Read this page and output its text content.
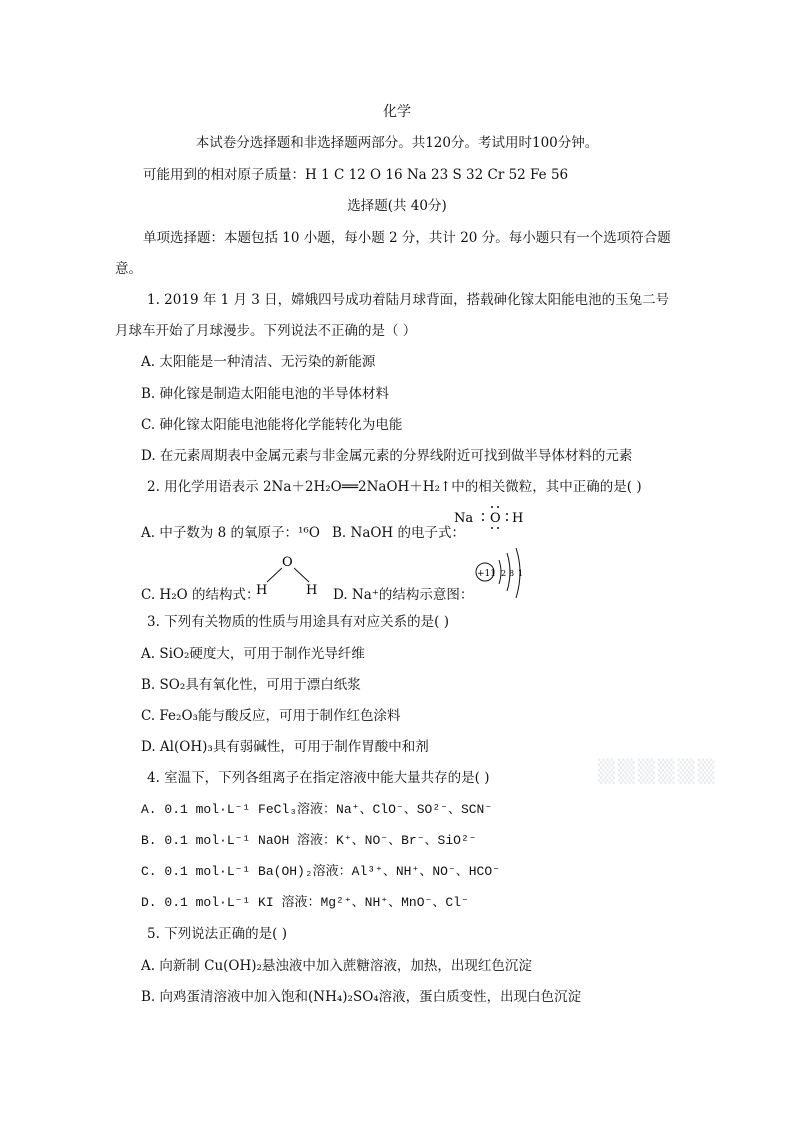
化学
本试卷分选择题和非选择题两部分。共120分。考试用时100分钟。
可能用到的相对原子质量：H 1 C 12 O 16 Na 23 S 32 Cr 52 Fe 56
选择题(共 40分)
单项选择题：本题包括 10 小题，每小题 2 分，共计 20 分。每小题只有一个选项符合题
意。
1. 2019 年 1 月 3 日，嫦娥四号成功着陆月球背面，搭载砷化镓太阳能电池的玉兔二号
月球车开始了月球漫步。下列说法不正确的是（ ）
A. 太阳能是一种清洁、无污染的新能源
B. 砷化镓是制造太阳能电池的半导体材料
C. 砷化镓太阳能电池能将化学能转化为电能
D. 在元素周期表中金属元素与非金属元素的分界线附近可找到做半导体材料的元素
2. 用化学用语表示 2Na＋2H₂O══2NaOH＋H₂↑中的相关微粒，其中正确的是( )
A. 中子数为 8 的氧原子：¹⁶O B. NaOH 的电子式：
Na O H
C. H₂O 的结构式：
O
H	H D. Na⁺的结构示意图：
+11 2 8 1
3. 下列有关物质的性质与用途具有对应关系的是( )
A. SiO₂硬度大，可用于制作光导纤维
B. SO₂具有氧化性，可用于漂白纸浆
C. Fe₂O₃能与酸反应，可用于制作红色涂料
D. Al(OH)₃具有弱碱性，可用于制作胃酸中和剂
▒▒▒▒▒▒
4. 室温下，下列各组离子在指定溶液中能大量共存的是( )
A. 0.1 mol·L⁻¹ FeCl₃溶液：Na⁺、ClO⁻、SO²⁻、SCN⁻
B. 0.1 mol·L⁻¹ NaOH 溶液：K⁺、NO⁻、Br⁻、SiO²⁻
C. 0.1 mol·L⁻¹ Ba(OH)₂溶液：Al³⁺、NH⁺、NO⁻、HCO⁻
D. 0.1 mol·L⁻¹ KI 溶液：Mg²⁺、NH⁺、MnO⁻、Cl⁻
5. 下列说法正确的是( )
A. 向新制 Cu(OH)₂悬浊液中加入蔗糖溶液，加热，出现红色沉淀
B. 向鸡蛋清溶液中加入饱和(NH₄)₂SO₄溶液，蛋白质变性，出现白色沉淀
